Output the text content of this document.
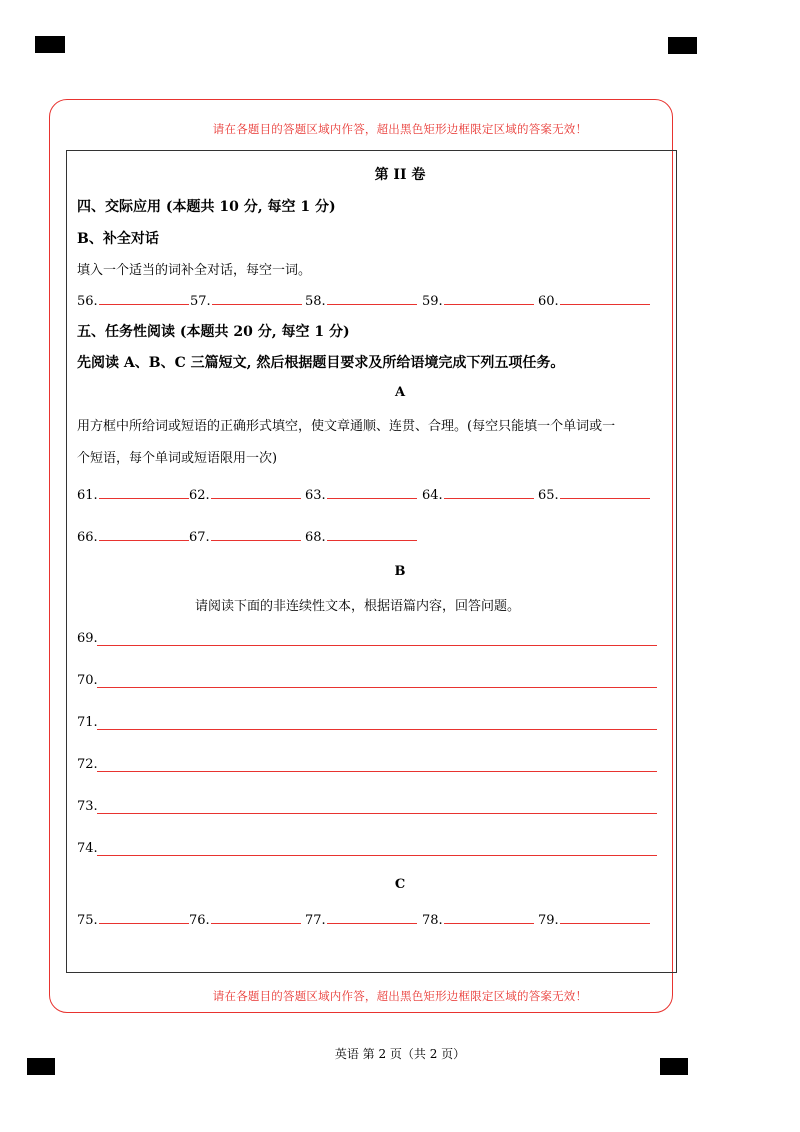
请在各题目的答题区域内作答，超出黑色矩形边框限定区域的答案无效！
第 II 卷
四、交际应用 (本题共 10 分, 每空 1 分)
B、补全对话
填入一个适当的词补全对话，每空一词。
56.	57.	58.	59.	60.
五、任务性阅读 (本题共 20 分, 每空 1 分)
先阅读 A、B、C 三篇短文, 然后根据题目要求及所给语境完成下列五项任务。
A
用方框中所给词或短语的正确形式填空，使文章通顺、连贯、合理。(每空只能填一个单词或一
个短语，每个单词或短语限用一次)
61.	62.	63.	64.	65.
66.	67.	68.
B
请阅读下面的非连续性文本，根据语篇内容，回答问题。
69.
70.
71.
72.
73.
74.
C
75.	76.	77.	78.	79.
请在各题目的答题区域内作答，超出黑色矩形边框限定区域的答案无效！
英语 第 2 页（共 2 页）
